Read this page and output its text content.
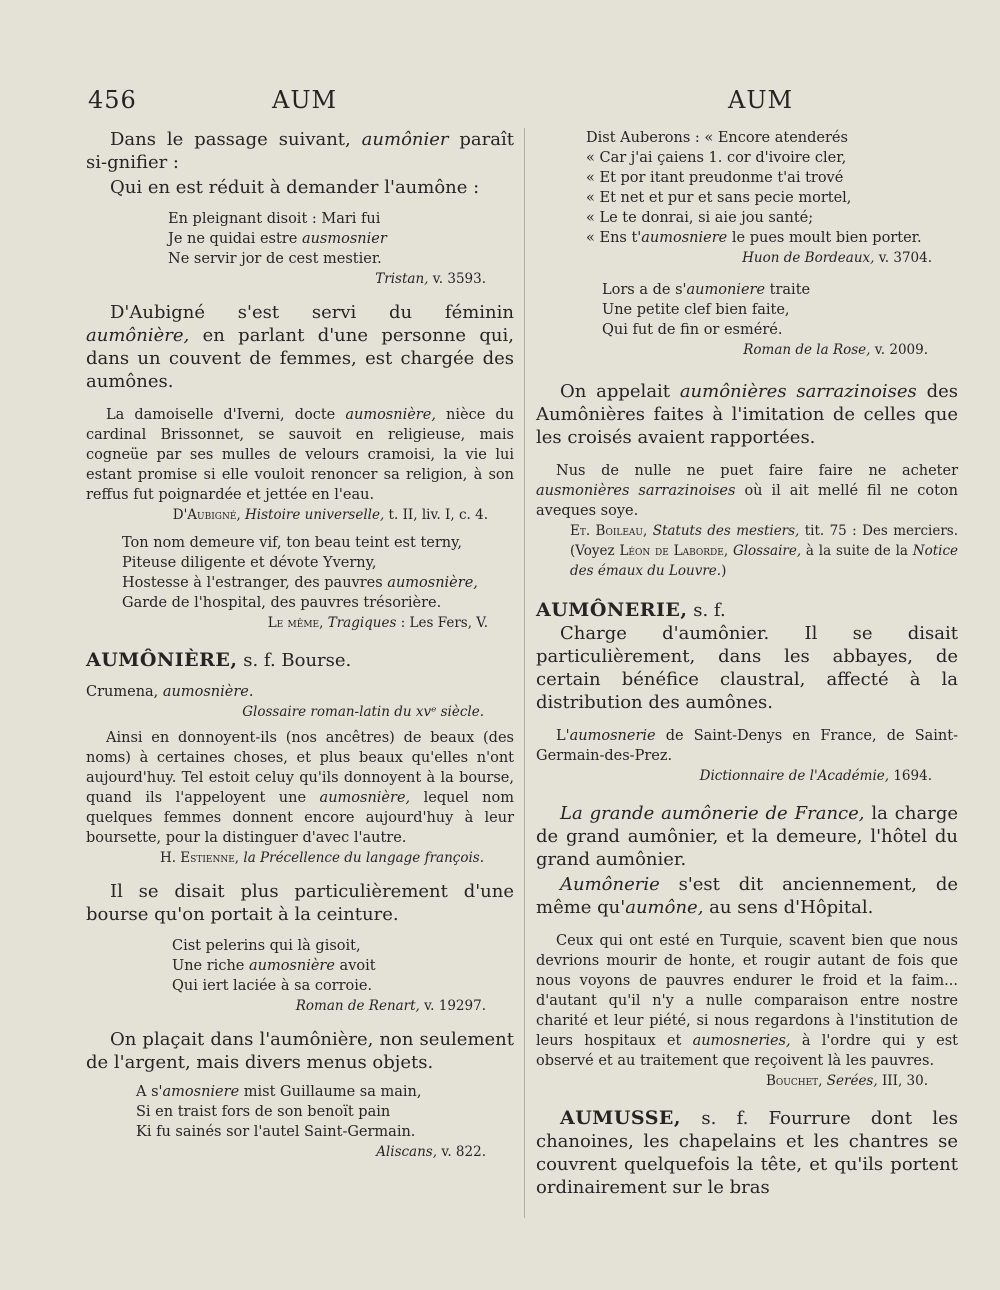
456	AUM	AUM

Dans le passage suivant, aumônier paraît si-gnifier :

Qui en est réduit à demander l'aumône :

En pleignant disoit : Mari fui
Je ne quidai estre ausmosnier
Ne servir jor de cest mestier.

Tristan, v. 3593.

D'Aubigné s'est servi du féminin aumônière, en parlant d'une personne qui, dans un couvent de femmes, est chargée des aumônes.

La damoiselle d'Iverni, docte aumosnière, nièce du cardinal Brissonnet, se sauvoit en religieuse, mais cogneüe par ses mulles de velours cramoisi, la vie lui estant promise si elle vouloit renoncer sa religion, à son reffus fut poignardée et jettée en l'eau.

D'Aubigné, Histoire universelle, t. II, liv. I, c. 4.

Ton nom demeure vif, ton beau teint est terny,
Piteuse diligente et dévote Yverny,
Hostesse à l'estranger, des pauvres aumosnière,
Garde de l'hospital, des pauvres trésorière.

Le même, Tragiques : Les Fers, V.

AUMÔNIÈRE, s. f. Bourse.

Crumena, aumosnière.

Glossaire roman-latin du xvᵉ siècle.

Ainsi en donnoyent-ils (nos ancêtres) de beaux (des noms) à certaines choses, et plus beaux qu'elles n'ont aujourd'huy. Tel estoit celuy qu'ils donnoyent à la bourse, quand ils l'appeloyent une aumosnière, lequel nom quelques femmes donnent encore aujourd'huy à leur boursette, pour la distinguer d'avec l'autre.

H. Estienne, la Précellence du langage françois.

Il se disait plus particulièrement d'une bourse qu'on portait à la ceinture.

Cist pelerins qui là gisoit,
Une riche aumosnière avoit
Qui iert laciée à sa corroie.

Roman de Renart, v. 19297.

On plaçait dans l'aumônière, non seulement de l'argent, mais divers menus objets.

A s'amosniere mist Guillaume sa main,
Si en traist fors de son benoït pain
Ki fu sainés sor l'autel Saint-Germain.

Aliscans, v. 822.

Dist Auberons : « Encore atenderés
« Car j'ai çaiens 1. cor d'ivoire cler,
« Et por itant preudonme t'ai trové
« Et net et pur et sans pecie mortel,
« Le te donrai, si aie jou santé;
« Ens t'aumosniere le pues moult bien porter.

Huon de Bordeaux, v. 3704.

Lors a de s'aumoniere traite
Une petite clef bien faite,
Qui fut de fin or esméré.

Roman de la Rose, v. 2009.

On appelait aumônières sarrazinoises des Aumônières faites à l'imitation de celles que les croisés avaient rapportées.

Nus de nulle ne puet faire faire ne acheter ausmonières sarrazinoises où il ait mellé fil ne coton aveques soye.

Et. Boileau, Statuts des mestiers, tit. 75 : Des merciers. (Voyez Léon de Laborde, Glossaire, à la suite de la Notice des émaux du Louvre.)

AUMÔNERIE, s. f.

Charge d'aumônier. Il se disait particulièrement, dans les abbayes, de certain bénéfice claustral, affecté à la distribution des aumônes.

L'aumosnerie de Saint-Denys en France, de Saint-Germain-des-Prez.

Dictionnaire de l'Académie, 1694.

La grande aumônerie de France, la charge de grand aumônier, et la demeure, l'hôtel du grand aumônier.

Aumônerie s'est dit anciennement, de même qu'aumône, au sens d'Hôpital.

Ceux qui ont esté en Turquie, scavent bien que nous devrions mourir de honte, et rougir autant de fois que nous voyons de pauvres endurer le froid et la faim... d'autant qu'il n'y a nulle comparaison entre nostre charité et leur piété, si nous regardons à l'institution de leurs hospitaux et aumosneries, à l'ordre qui y est observé et au traitement que reçoivent là les pauvres.

Bouchet, Serées, III, 30.

AUMUSSE, s. f. Fourrure dont les chanoines, les chapelains et les chantres se couvrent quelquefois la tête, et qu'ils portent ordinairement sur le bras
